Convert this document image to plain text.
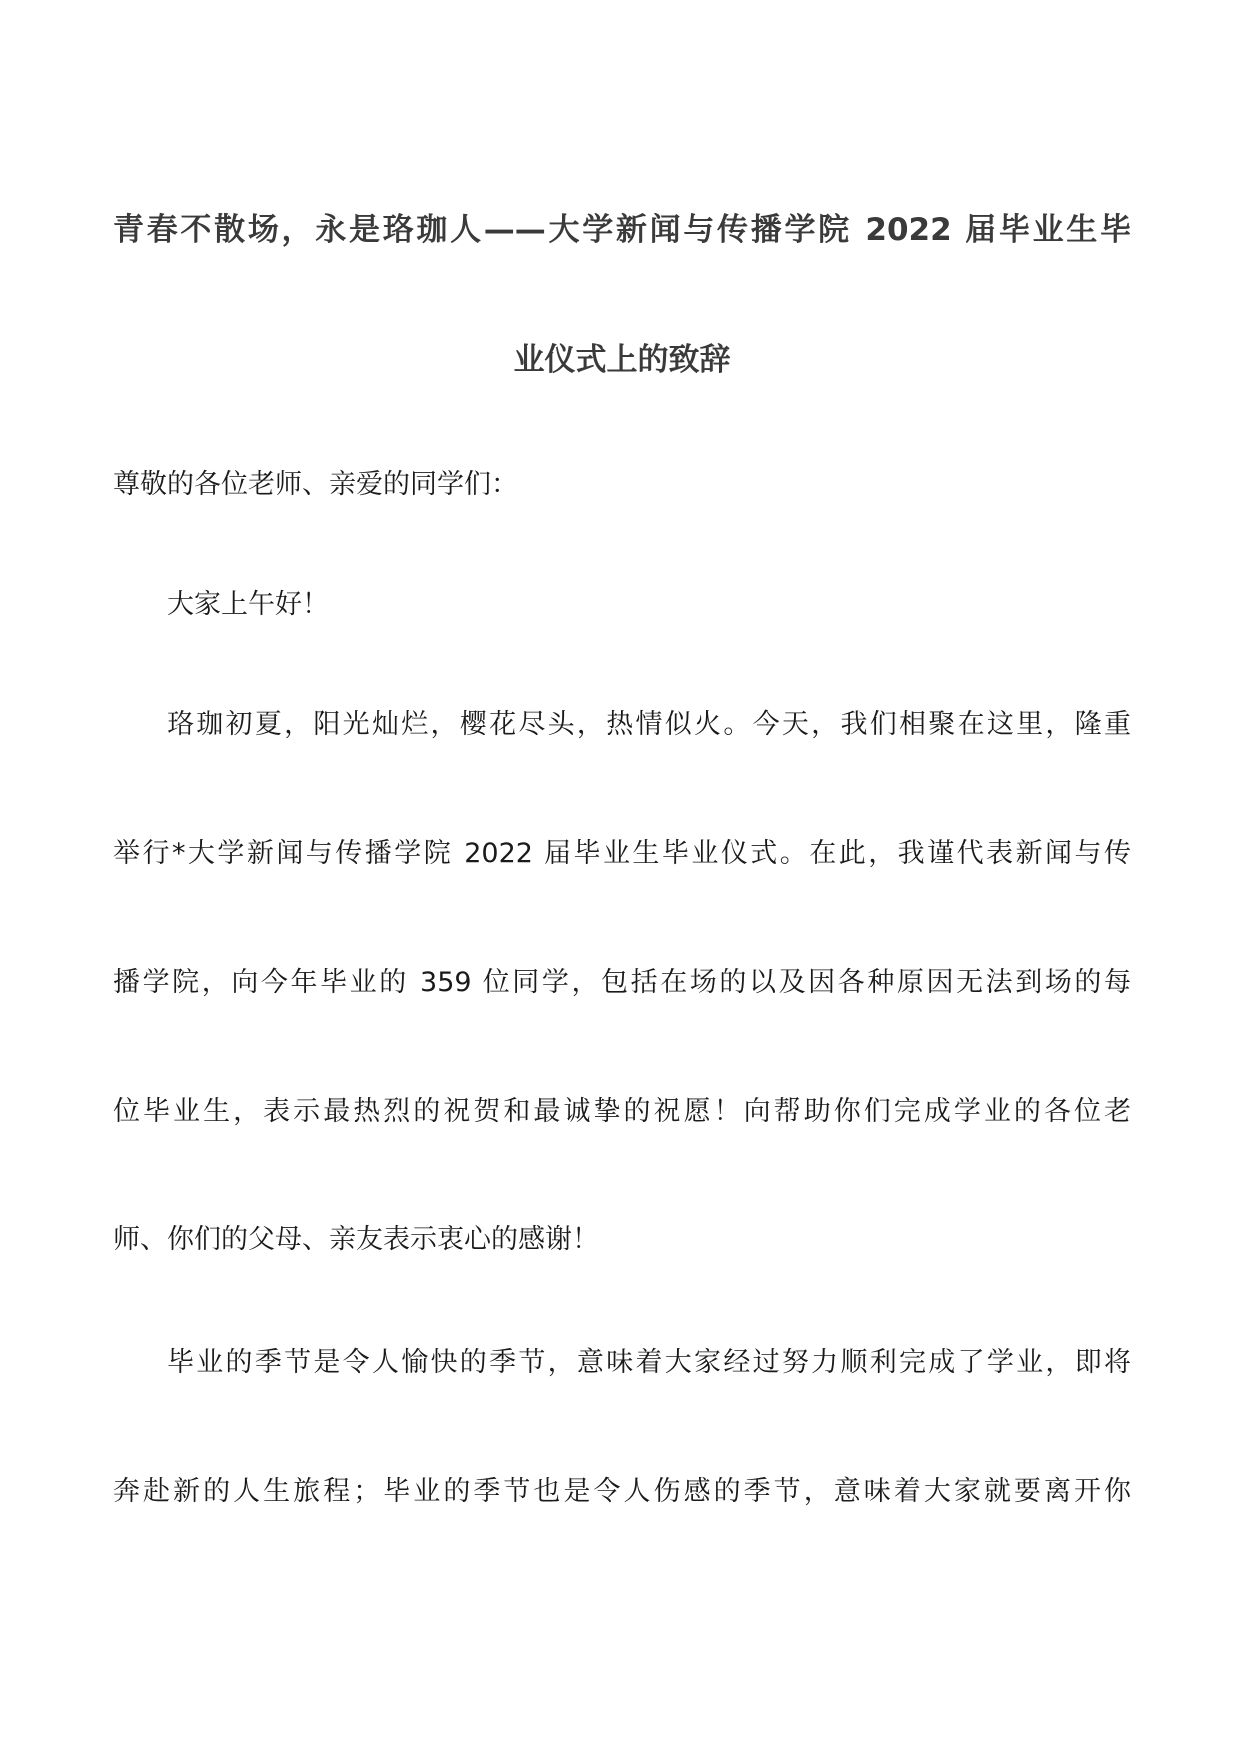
青春不散场，永是珞珈人——大学新闻与传播学院 2022 届毕业生毕
业仪式上的致辞
尊敬的各位老师、亲爱的同学们：
大家上午好！
珞珈初夏，阳光灿烂，樱花尽头，热情似火。今天，我们相聚在这里，隆重
举行*大学新闻与传播学院 2022 届毕业生毕业仪式。在此，我谨代表新闻与传
播学院，向今年毕业的 359 位同学，包括在场的以及因各种原因无法到场的每
位毕业生，表示最热烈的祝贺和最诚挚的祝愿！向帮助你们完成学业的各位老
师、你们的父母、亲友表示衷心的感谢！
毕业的季节是令人愉快的季节，意味着大家经过努力顺利完成了学业，即将
奔赴新的人生旅程；毕业的季节也是令人伤感的季节，意味着大家就要离开你
